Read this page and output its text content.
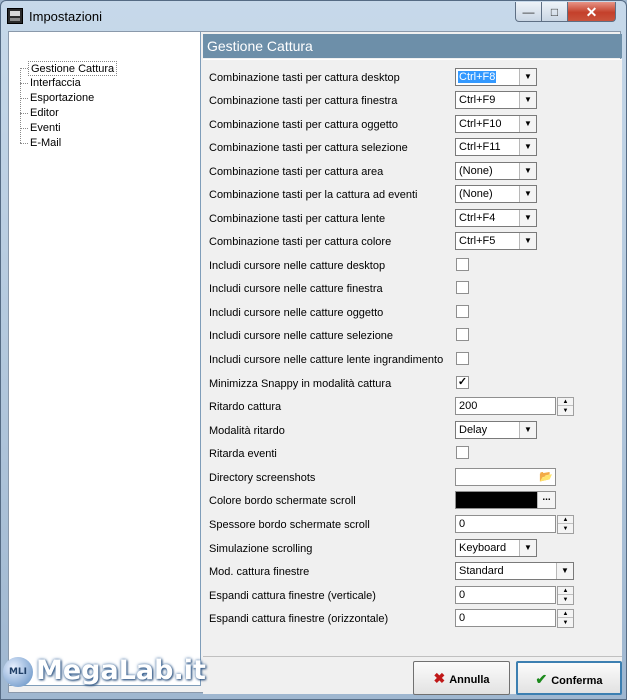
Impostazioni	—	□	✕
Gestione Cattura
Interfaccia
Esportazione
Editor
Eventi
E-Mail
Gestione Cattura
Combinazione tasti per cattura desktop	Ctrl+F8	▼
Combinazione tasti per cattura finestra	Ctrl+F9	▼
Combinazione tasti per cattura oggetto	Ctrl+F10	▼
Combinazione tasti per cattura selezione	Ctrl+F11	▼
Combinazione tasti per cattura area	(None)	▼
Combinazione tasti per la cattura ad eventi	(None)	▼
Combinazione tasti per cattura lente	Ctrl+F4	▼
Combinazione tasti per cattura colore	Ctrl+F5	▼
Includi cursore nelle catture desktop
Includi cursore nelle catture finestra
Includi cursore nelle catture oggetto
Includi cursore nelle catture selezione
Includi cursore nelle catture lente ingrandimento
Minimizza Snappy in modalità cattura	✓
Ritardo cattura	200	▲
▼
Modalità ritardo	Delay	▼
Ritarda eventi
Directory screenshots	📂
Colore bordo schermate scroll	...
Spessore bordo schermate scroll	0	▲
▼
Simulazione scrolling	Keyboard	▼
Mod. cattura finestre	Standard	▼
Espandi cattura finestre (verticale)	0	▲
▼
Espandi cattura finestre (orizzontale)	0	▲
▼
✖ Annulla	✔ Conferma
MLI MegaLab.it
